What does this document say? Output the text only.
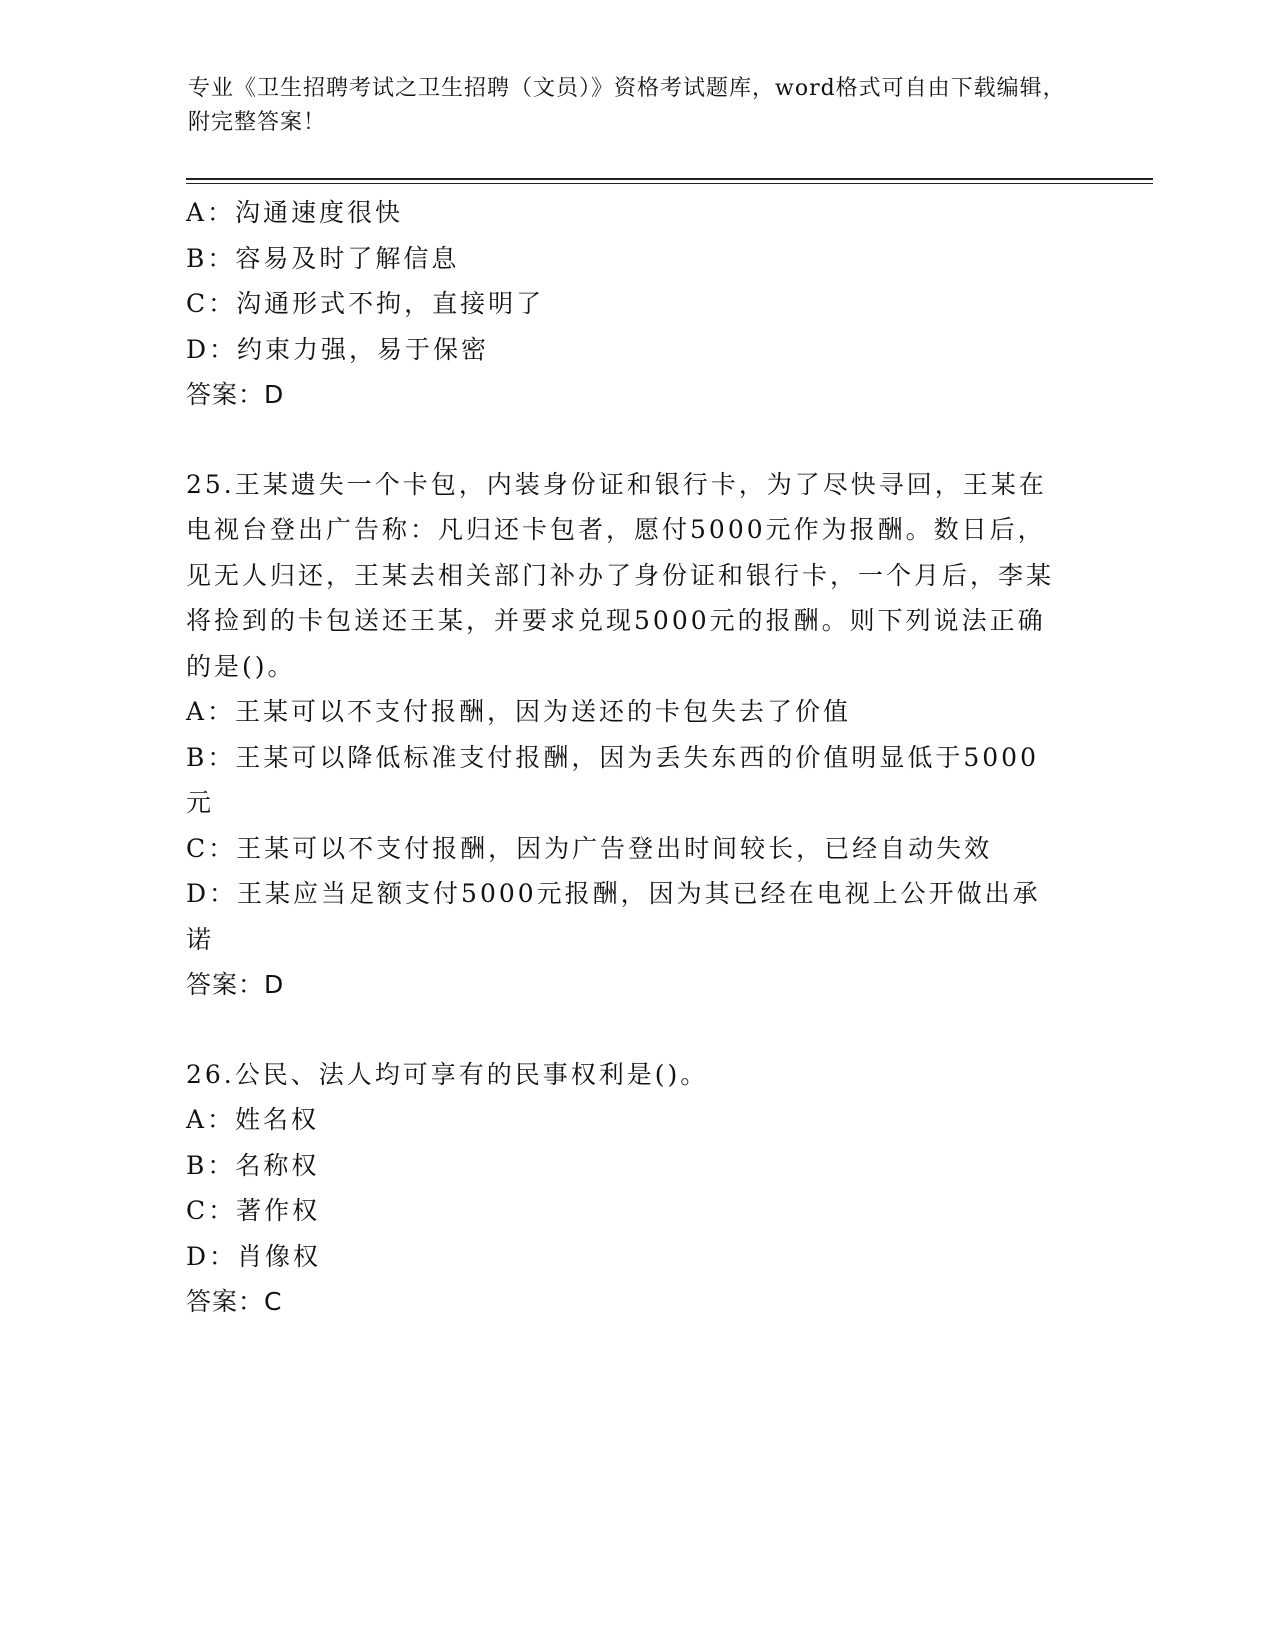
专业《卫生招聘考试之卫生招聘（文员）》资格考试题库，word格式可自由下载编辑，附完整答案！
A：沟通速度很快
B：容易及时了解信息
C：沟通形式不拘，直接明了
D：约束力强，易于保密
答案：D
25.王某遗失一个卡包，内装身份证和银行卡，为了尽快寻回，王某在电视台登出广告称：凡归还卡包者，愿付5000元作为报酬。数日后，见无人归还，王某去相关部门补办了身份证和银行卡，一个月后，李某将捡到的卡包送还王某，并要求兑现5000元的报酬。则下列说法正确的是()。
A：王某可以不支付报酬，因为送还的卡包失去了价值
B：王某可以降低标准支付报酬，因为丢失东西的价值明显低于5000元
C：王某可以不支付报酬，因为广告登出时间较长，已经自动失效
D：王某应当足额支付5000元报酬，因为其已经在电视上公开做出承诺
答案：D
26.公民、法人均可享有的民事权利是()。
A：姓名权
B：名称权
C：著作权
D：肖像权
答案：C
